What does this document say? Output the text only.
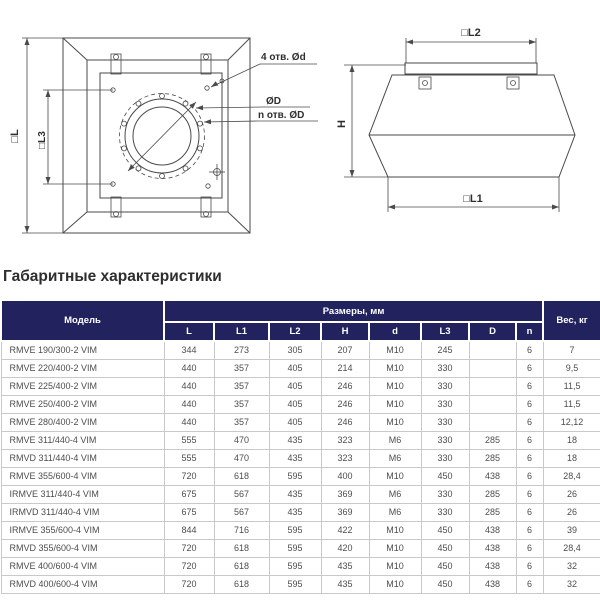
□L □L3
4 отв. Ød
ØD
n отв. ØD
□L2
H
□L1
Габаритные характеристики
Модель	Размеры, мм								Вес, кг
	L	L1	L2	H	d	L3	D	n	
RMVE 190/300-2 VIM	344	273	305	207	M10	245		6	7
RMVE 220/400-2 VIM	440	357	405	214	M10	330		6	9,5
RMVE 225/400-2 VIM	440	357	405	246	M10	330		6	11,5
RMVE 250/400-2 VIM	440	357	405	246	M10	330		6	11,5
RMVE 280/400-2 VIM	440	357	405	246	M10	330		6	12,12
RMVE 311/440-4 VIM	555	470	435	323	M6	330	285	6	18
RMVD 311/440-4 VIM	555	470	435	323	M6	330	285	6	18
RMVE 355/600-4 VIM	720	618	595	400	M10	450	438	6	28,4
IRMVE 311/440-4 VIM	675	567	435	369	M6	330	285	6	26
IRMVD 311/440-4 VIM	675	567	435	369	M6	330	285	6	26
IRMVE 355/600-4 VIM	844	716	595	422	M10	450	438	6	39
RMVD 355/600-4 VIM	720	618	595	420	M10	450	438	6	28,4
RMVE 400/600-4 VIM	720	618	595	435	M10	450	438	6	32
RMVD 400/600-4 VIM	720	618	595	435	M10	450	438	6	32
